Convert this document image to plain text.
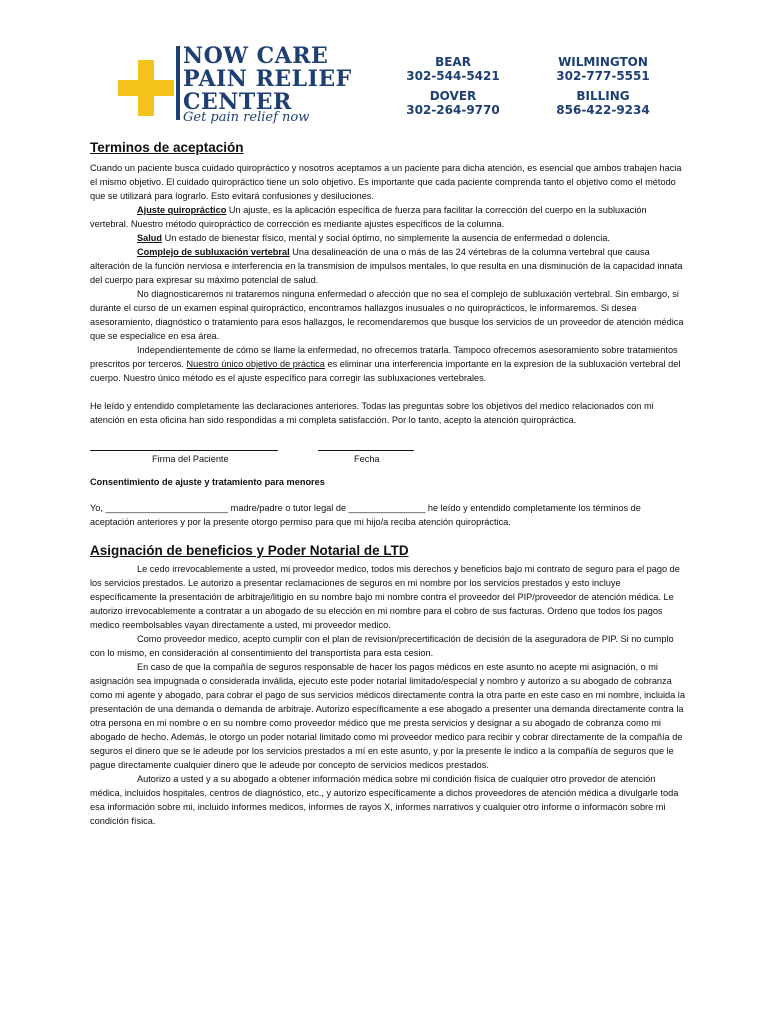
NOW CARE
PAIN RELIEF
CENTER
Get pain relief now
BEAR
302-544-5421
WILMINGTON
302-777-5551
DOVER
302-264-9770
BILLING
856-422-9234
Terminos de aceptación

Cuando un paciente busca cuidado quiropráctico y nosotros aceptamos a un paciente para dicha atención, es esencial que ambos trabajen hacia el mismo objetivo. El cuidado quiropráctico tiene un solo objetivo. Es importante que cada paciente comprenda tanto el objetivo como el método que se utilizará para lograrlo. Esto evitará confusiones y desiluciones.

Ajuste quiropráctico Un ajuste, es la aplicación específica de fuerza para facilitar la corrección del cuerpo en la subluxación vertebral. Nuestro método quiropráctico de corrección es mediante ajustes específicos de la columna.

Salud Un estado de bienestar físico, mental y social óptimo, no simplemente la ausencia de enfermedad o dolencia.

Complejo de subluxación vertebral Una desalineación de una o más de las 24 vértebras de la columna vertebral que causa alteración de la función nerviosa e interferencia en la transmision de impulsos mentales, lo que resulta en una disminución de la capacidad innata del cuerpo para expresar su máximo potencial de salud.

No diagnosticaremos ni trataremos ninguna enfermedad o afección que no sea el complejo de subluxación vertebral. Sin embargo, si durante el curso de un examen espinal quiropráctico, encontramos hallazgos inusuales o no quiroprácticos, le informaremos. Si desea asesoramiento, diagnóstico o tratamiento para esos hallazgos, le recomendaremos que busque los servicios de un proveedor de atención médica que se especialice en esa área.

Independientemente de cómo se llame la enfermedad, no ofrecemos tratarla. Tampoco ofrecemos asesoramiento sobre tratamientos prescritos por terceros. Nuestro único objetivo de práctica es eliminar una interferencia importante en la expresion de la subluxación vertebral del cuerpo. Nuestro único método es el ajuste específico para corregir las subluxaciones vertebrales.

He leído y entendido completamente las declaraciones anteriores. Todas las preguntas sobre los objetivos del medico relacionados con mi atención en esta oficina han sido respondidas a mi completa satisfacción. Por lo tanto, acepto la atención quiropráctica.

Firma del Paciente	Fecha
Consentimiento de ajuste y tratamiento para menores

Yo, ________________________ madre/padre o tutor legal de _______________ he leído y entendido completamente los términos de aceptación anteriores y por la presente otorgo permiso para que mi hijo/a reciba atención quiropráctica.

Asignación de beneficios y Poder Notarial de LTD

Le cedo irrevocablemente a usted, mi proveedor medico, todos mis derechos y beneficios bajo mi contrato de seguro para el pago de los servicios prestados. Le autorizo a presentar reclamaciones de seguros en mi nombre por los servicios prestados y esto incluye específicamente la presentación de arbitraje/litigio en su nombre bajo mi nombre contra el proveedor del PIP/proveedor de atención médica. Le autorizo irrevocablemente a contratar a un abogado de su elección en mi nombre para el cobro de sus facturas. Ordeno que todos los pagos medico reembolsables vayan directamente a usted, mi proveedor medico.

Como proveedor medico, acepto cumplir con el plan de revision/precertificación de decisión de la aseguradora de PIP. Si no cumplo con lo mismo, en consideración al consentimiento del transportista para esta cesion.

En caso de que la compañía de seguros responsable de hacer los pagos médicos en este asunto no acepte mi asignación, o mi asignación sea impugnada o considerada inválida, ejecuto este poder notarial limitado/especial y nombro y autorizo a su abogado de cobranza como mi agente y abogado, para cobrar el pago de sus servicios médicos directamente contra la otra parte en este caso en mi nombre, incluida la presentación de una demanda o demanda de arbitraje. Autorizo específicamente a ese abogado a presenter una demanda directamente contra la otra persona en mi nombre o en su nombre como proveedor médico que me presta servicios y designar a su abogado de cobranza como mi abogado de hecho. Además, le otorgo un poder notarial limitado como mi proveedor medico para recibir y cobrar directamente de la compañía de seguros el dinero que se le adeude por los servicios prestados a mí en este asunto, y por la presente le indico a la compañía de seguros que le pague directamente cualquier dinero que le adeude por concepto de servicios medicos prestados.

Autorizo a usted y a su abogado a obtener información médica sobre mi condición física de cualquier otro provedor de atención médica, incluidos hospitales, centros de diagnóstico, etc., y autorizo específicamente a dichos proveedores de atención médica a divulgarle toda esa información sobre mi, incluido informes medicos, informes de rayos X, informes narrativos y cualquier otro informe o informacón sobre mi condición física.
